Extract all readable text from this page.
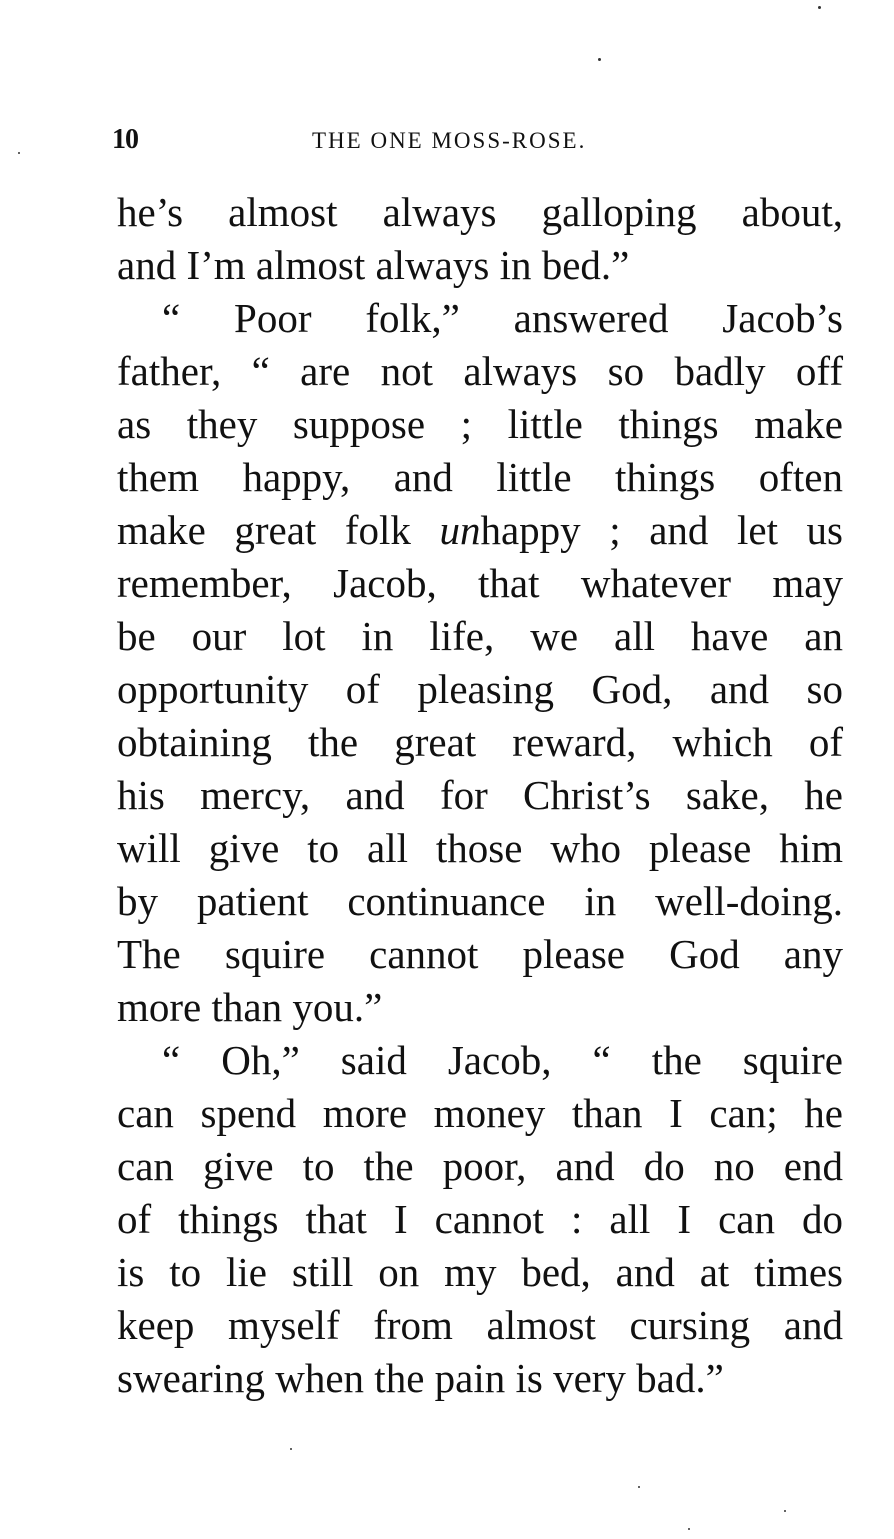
10	THE ONE MOSS-ROSE.
he’s almost always galloping about,
and I’m almost always in bed.”
“ Poor folk,” answered Jacob’s
father, “ are not always so badly off
as they suppose ; little things make
them happy, and little things often
make great folk unhappy ; and let us
remember, Jacob, that whatever may
be our lot in life, we all have an
opportunity of pleasing God, and so
obtaining the great reward, which of
his mercy, and for Christ’s sake, he
will give to all those who please him
by patient continuance in well-doing.
The squire cannot please God any
more than you.”
“ Oh,” said Jacob, “ the squire
can spend more money than I can; he
can give to the poor, and do no end
of things that I cannot : all I can do
is to lie still on my bed, and at times
keep myself from almost cursing and
swearing when the pain is very bad.”
